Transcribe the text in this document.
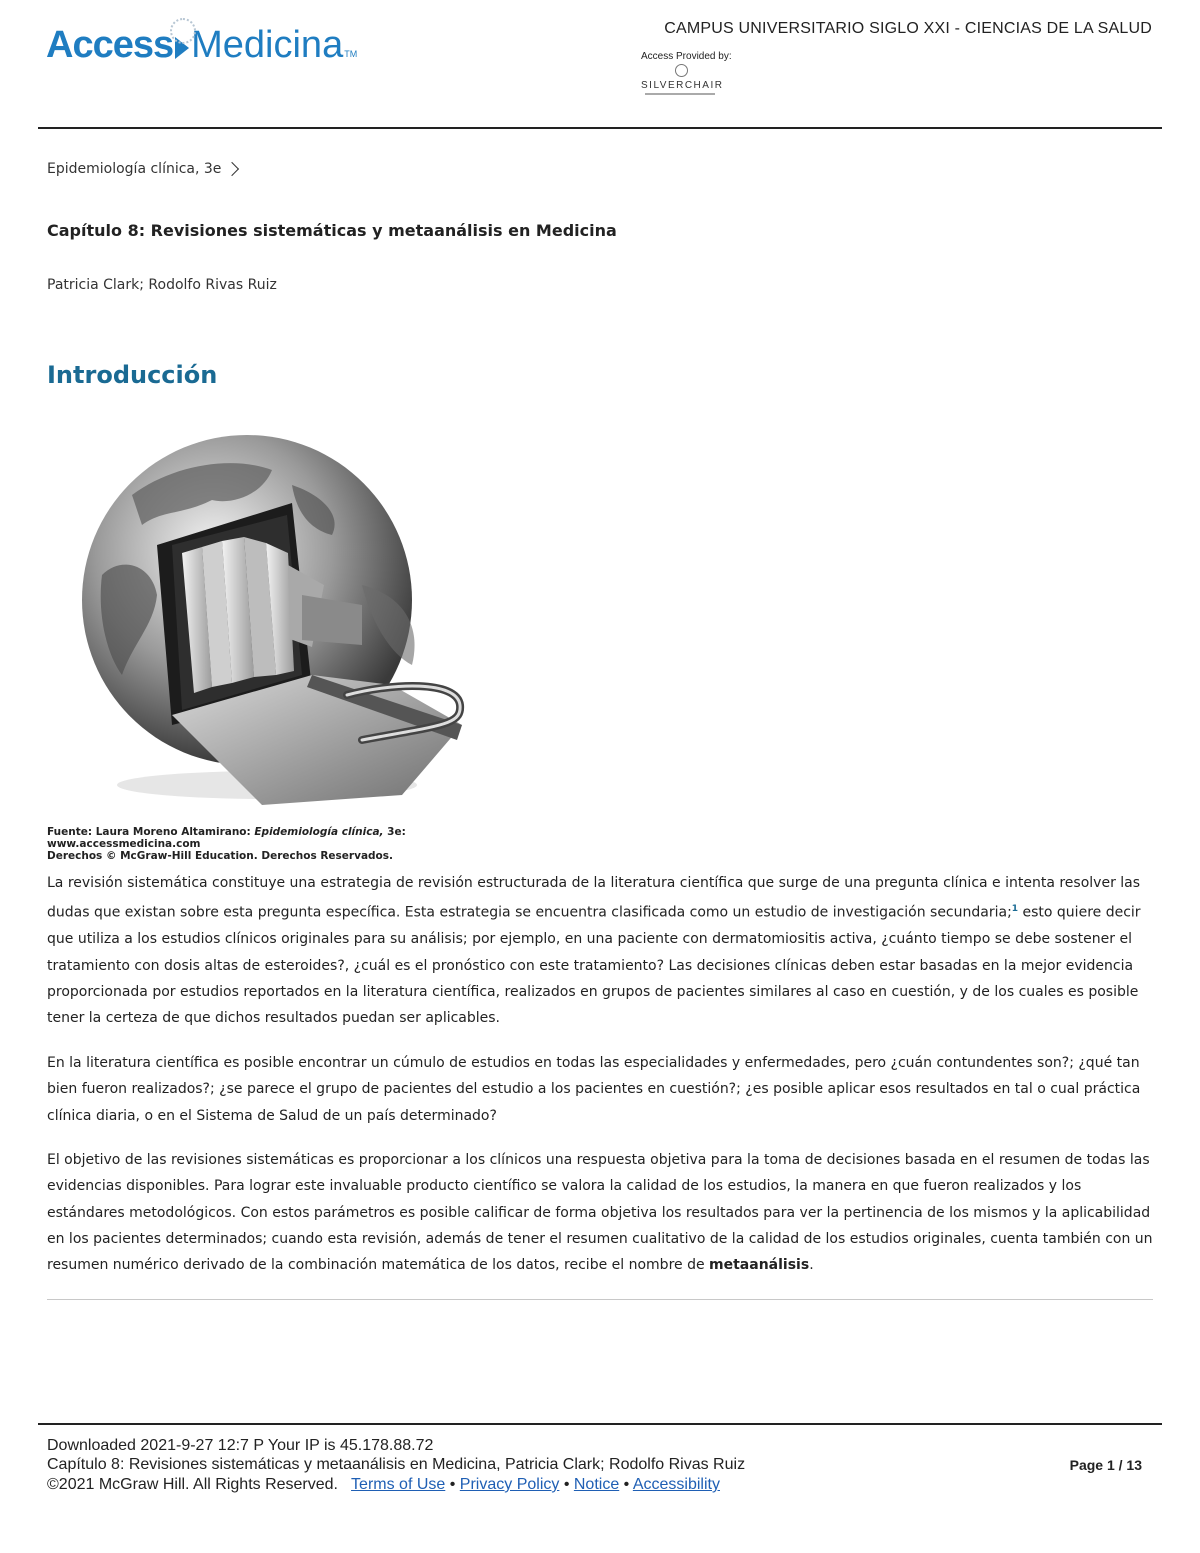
Access Medicina TM
CAMPUS UNIVERSITARIO SIGLO XXI - CIENCIAS DE LA SALUD
Access Provided by:
SILVERCHAIR
Epidemiología clínica, 3e
Capítulo 8: Revisiones sistemáticas y metaanálisis en Medicina
Patricia Clark; Rodolfo Rivas Ruiz
Introducción
Fuente: Laura Moreno Altamirano: Epidemiología clínica, 3e:
www.accessmedicina.com
Derechos © McGraw-Hill Education. Derechos Reservados.

La revisión sistemática constituye una estrategia de revisión estructurada de la literatura científica que surge de una pregunta clínica e intenta resolver las dudas que existan sobre esta pregunta específica. Esta estrategia se encuentra clasificada como un estudio de investigación secundaria;$^1$ esto quiere decir que utiliza a los estudios clínicos originales para su análisis; por ejemplo, en una paciente con dermatomiositis activa, ¿cuánto tiempo se debe sostener el tratamiento con dosis altas de esteroides?, ¿cuál es el pronóstico con este tratamiento? Las decisiones clínicas deben estar basadas en la mejor evidencia proporcionada por estudios reportados en la literatura científica, realizados en grupos de pacientes similares al caso en cuestión, y de los cuales es posible tener la certeza de que dichos resultados puedan ser aplicables.

En la literatura científica es posible encontrar un cúmulo de estudios en todas las especialidades y enfermedades, pero ¿cuán contundentes son?; ¿qué tan bien fueron realizados?; ¿se parece el grupo de pacientes del estudio a los pacientes en cuestión?; ¿es posible aplicar esos resultados en tal o cual práctica clínica diaria, o en el Sistema de Salud de un país determinado?

El objetivo de las revisiones sistemáticas es proporcionar a los clínicos una respuesta objetiva para la toma de decisiones basada en el resumen de todas las evidencias disponibles. Para lograr este invaluable producto científico se valora la calidad de los estudios, la manera en que fueron realizados y los estándares metodológicos. Con estos parámetros es posible calificar de forma objetiva los resultados para ver la pertinencia de los mismos y la aplicabilidad en los pacientes determinados; cuando esta revisión, además de tener el resumen cualitativo de la calidad de los estudios originales, cuenta también con un resumen numérico derivado de la combinación matemática de los datos, recibe el nombre de metaanálisis.

Downloaded 2021-9-27 12:7 P Your IP is 45.178.88.72
Capítulo 8: Revisiones sistemáticas y metaanálisis en Medicina, Patricia Clark; Rodolfo Rivas Ruiz
©2021 McGraw Hill. All Rights Reserved. Terms of Use • Privacy Policy • Notice • Accessibility
Page 1 / 13
